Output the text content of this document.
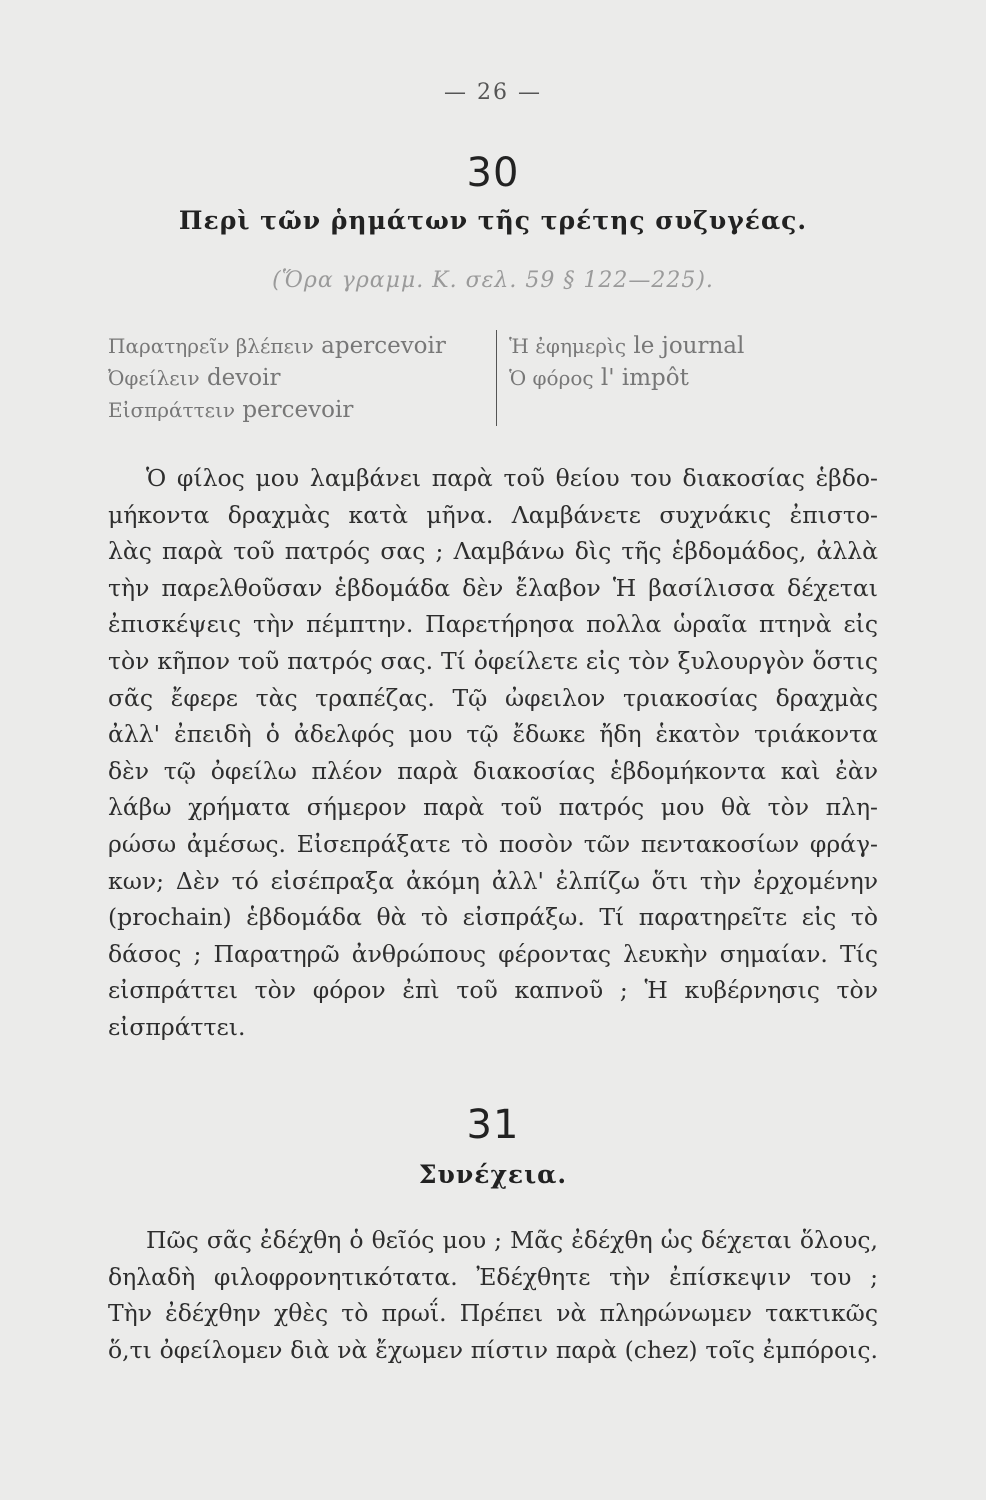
— 26 —
30
Περὶ τῶν ῥημάτων τῆς τρέτης συζυγέας.
(Ὅρα γραμμ. Κ. σελ. 59 § 122—225).
Παρατηρεῖν βλέπειν apercevoir
Ὀφείλειν devoir
Εἰσπράττειν percevoir
Ἡ ἐφημερὶς le journal
Ὁ φόρος l' impôt
Ὁ φίλος μου λαμβάνει παρὰ τοῦ θείου του διακοσίας ἑβδο-
μήκοντα δραχμὰς κατὰ μῆνα. Λαμβάνετε συχνάκις ἐπιστο-
λὰς παρὰ τοῦ πατρός σας ; Λαμβάνω δὶς τῆς ἑβδομάδος, ἀλλὰ
τὴν παρελθοῦσαν ἑβδομάδα δὲν ἔλαβον Ἡ βασίλισσα δέχεται
ἐπισκέψεις τὴν πέμπτην. Παρετήρησα πολλα ὡραῖα πτηνὰ εἰς
τὸν κῆπον τοῦ πατρός σας. Τί ὀφείλετε εἰς τὸν ξυλουργὸν ὅστις
σᾶς ἔφερε τὰς τραπέζας. Τῷ ὠφειλον τριακοσίας δραχμὰς
ἀλλ' ἐπειδὴ ὁ ἀδελφός μου τῷ ἔδωκε ἤδη ἑκατὸν τριάκοντα
δὲν τῷ ὀφείλω πλέον παρὰ διακοσίας ἑβδομήκοντα καὶ ἐὰν
λάβω χρήματα σήμερον παρὰ τοῦ πατρός μου θὰ τὸν πλη-
ρώσω ἀμέσως. Εἰσεπράξατε τὸ ποσὸν τῶν πεντακοσίων φράγ-
κων; Δὲν τό εἰσέπραξα ἀκόμη ἀλλ' ἐλπίζω ὅτι τὴν ἐρχομένην
(prochain) ἑβδομάδα θὰ τὸ εἰσπράξω. Τί παρατηρεῖτε εἰς τὸ
δάσος ; Παρατηρῶ ἀνθρώπους φέροντας λευκὴν σημαίαν. Τίς
εἰσπράττει τὸν φόρον ἐπὶ τοῦ καπνοῦ ; Ἡ κυβέρνησις τὸν
εἰσπράττει.
31
Συνέχεια.
Πῶς σᾶς ἐδέχθη ὁ θεῖός μου ; Μᾶς ἐδέχθη ὡς δέχεται ὅλους,
δηλαδὴ φιλοφρονητικότατα. Ἐδέχθητε τὴν ἐπίσκεψιν του ;
Τὴν ἐδέχθην χθὲς τὸ πρωΐ. Πρέπει νὰ πληρώνωμεν τακτικῶς
ὅ,τι ὀφείλομεν διὰ νὰ ἔχωμεν πίστιν παρὰ (chez) τοῖς ἐμπόροις.
